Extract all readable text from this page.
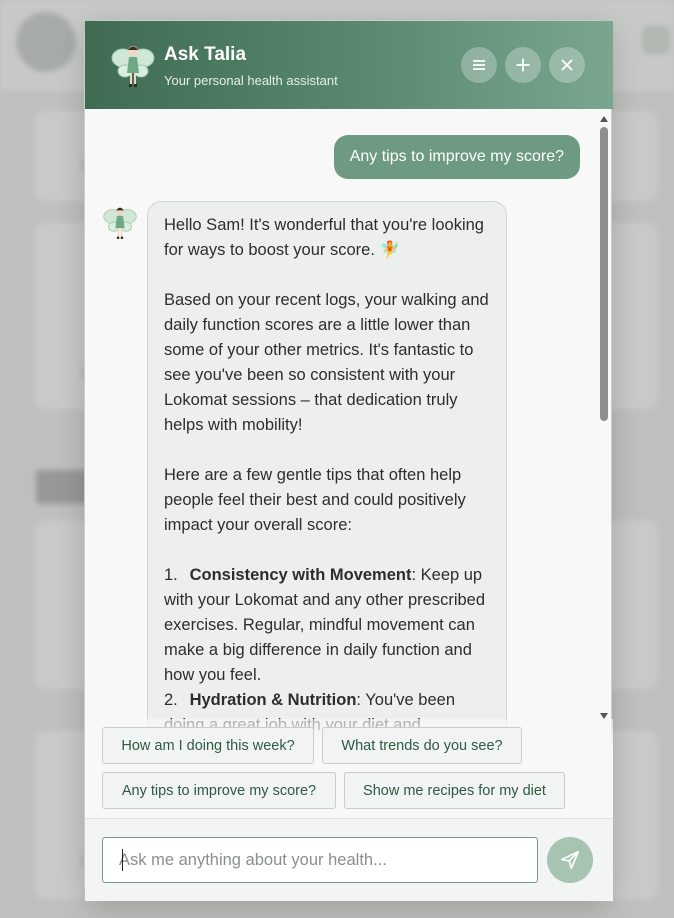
Ask Talia
Your personal health assistant
Any tips to improve my score?

Hello Sam! It's wonderful that you're looking for ways to boost your score. 🧚

Based on your recent logs, your walking and daily function scores are a little lower than some of your other metrics. It's fantastic to see you've been so consistent with your Lokomat sessions – that dedication truly helps with mobility!

Here are a few gentle tips that often help people feel their best and could positively impact your overall score:

1. Consistency with Movement: Keep up with your Lokomat and any other prescribed exercises. Regular, mindful movement can make a big difference in daily function and how you feel.
2. Hydration & Nutrition: You've been
How am I doing this week?	What trends do you see?
Any tips to improve my score?	Show me recipes for my diet
Ask me anything about your health...
